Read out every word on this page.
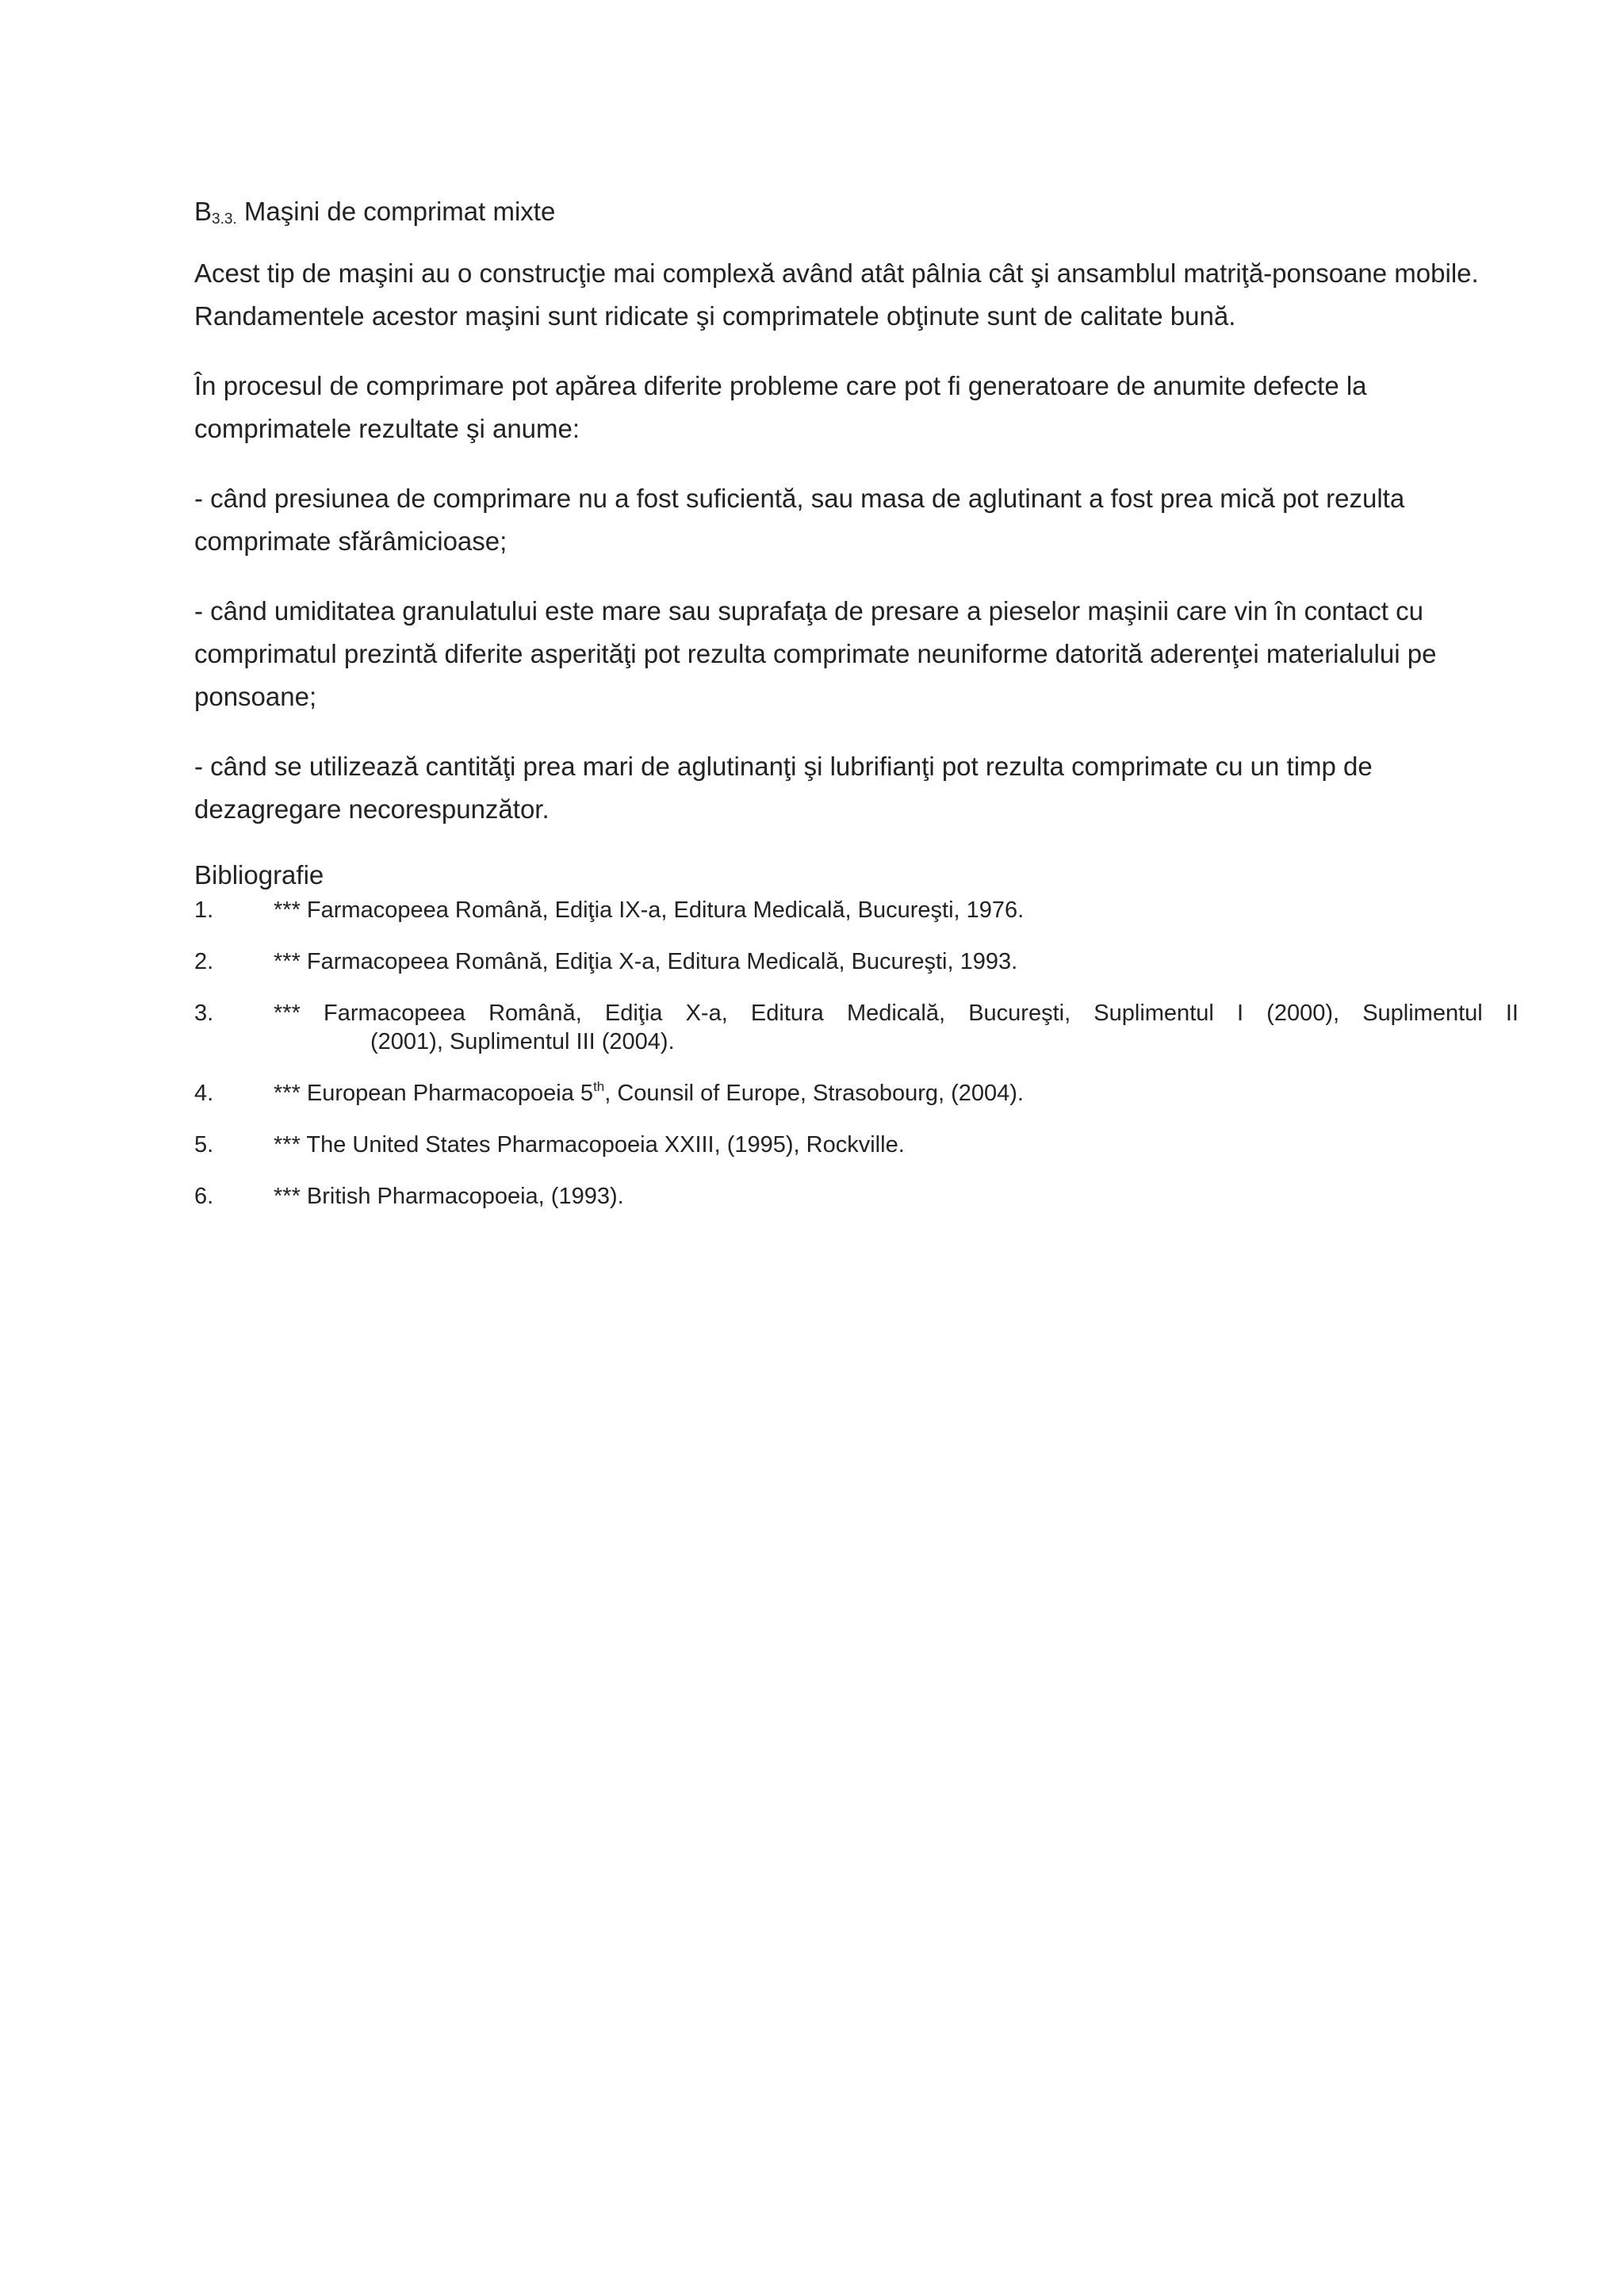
$B_{3.3.}$ Maşini de comprimat mixte

Acest tip de maşini au o construcţie mai complexă având atât pâlnia cât şi ansamblul matriţă-ponsoane mobile. Randamentele acestor maşini sunt ridicate şi comprimatele obţinute sunt de calitate bună.

În procesul de comprimare pot apărea diferite probleme care pot fi generatoare de anumite defecte la comprimatele rezultate şi anume:

- când presiunea de comprimare nu a fost suficientă, sau masa de aglutinant a fost prea mică pot rezulta comprimate sfărâmicioase;

- când umiditatea granulatului este mare sau suprafaţa de presare a pieselor maşinii care vin în contact cu comprimatul prezintă diferite asperităţi pot rezulta comprimate neuniforme datorită aderenţei materialului pe ponsoane;

- când se utilizează cantităţi prea mari de aglutinanţi şi lubrifianţi pot rezulta comprimate cu un timp de dezagregare necorespunzător.

Bibliografie
1.	*** Farmacopeea Română, Ediţia IX-a, Editura Medicală, Bucureşti, 1976.
2.	*** Farmacopeea Română, Ediţia X-a, Editura Medicală, Bucureşti, 1993.
3.	*** Farmacopeea Română, Ediţia X-a, Editura Medicală, Bucureşti, Suplimentul I (2000), Suplimentul II
(2001), Suplimentul III (2004).
4.	*** European Pharmacopoeia 5th, Counsil of Europe, Strasobourg, (2004).
5.	*** The United States Pharmacopoeia XXIII, (1995), Rockville.
6.	*** British Pharmacopoeia, (1993).
